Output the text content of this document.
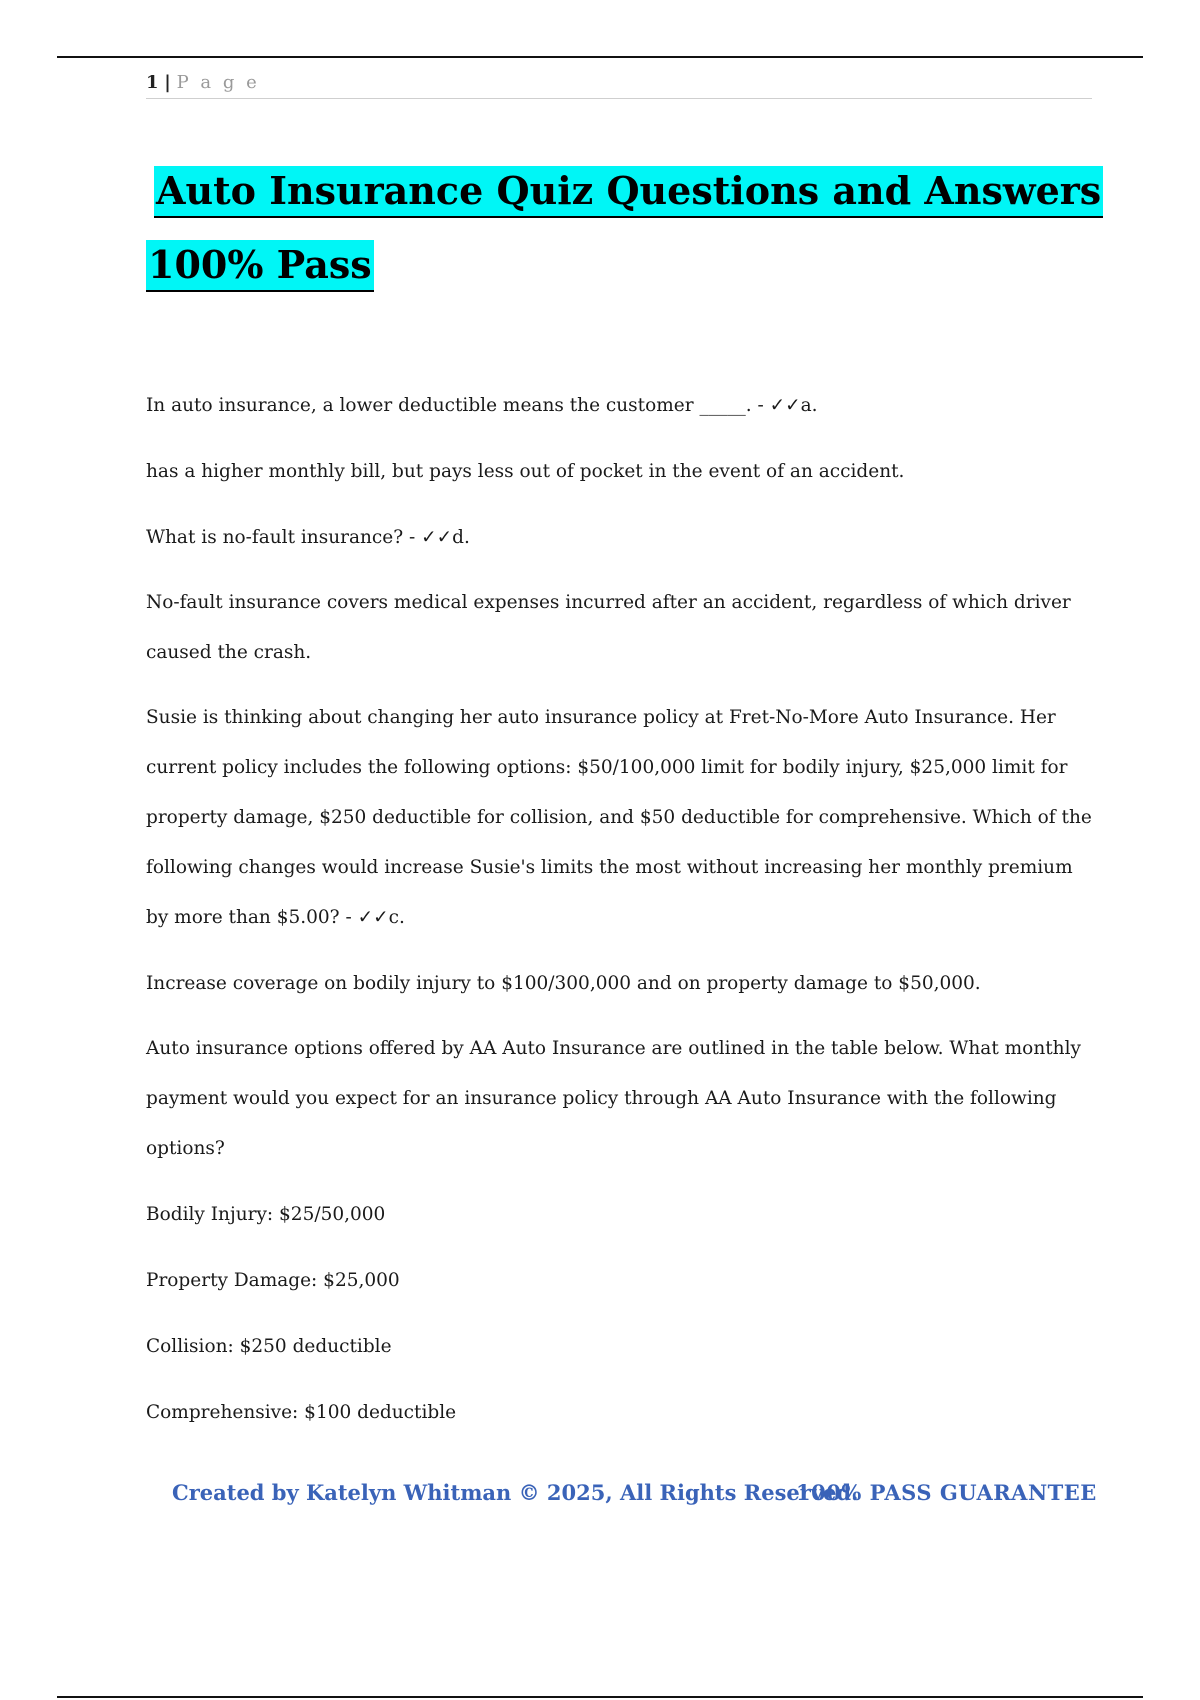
1 | P a g e
Auto Insurance Quiz Questions and Answers
100% Pass

In auto insurance, a lower deductible means the customer _____. - ✓✓a.

has a higher monthly bill, but pays less out of pocket in the event of an accident.

What is no-fault insurance? - ✓✓d.

No-fault insurance covers medical expenses incurred after an accident, regardless of which driver caused the crash.

Susie is thinking about changing her auto insurance policy at Fret-No-More Auto Insurance. Her current policy includes the following options: $50/100,000 limit for bodily injury, $25,000 limit for property damage, $250 deductible for collision, and $50 deductible for comprehensive. Which of the following changes would increase Susie's limits the most without increasing her monthly premium by more than $5.00? - ✓✓c.

Increase coverage on bodily injury to $100/300,000 and on property damage to $50,000.

Auto insurance options offered by AA Auto Insurance are outlined in the table below. What monthly payment would you expect for an insurance policy through AA Auto Insurance with the following options?

Bodily Injury: $25/50,000

Property Damage: $25,000

Collision: $250 deductible

Comprehensive: $100 deductible

Created by Katelyn Whitman © 2025, All Rights Reserved.
100% PASS GUARANTEE
